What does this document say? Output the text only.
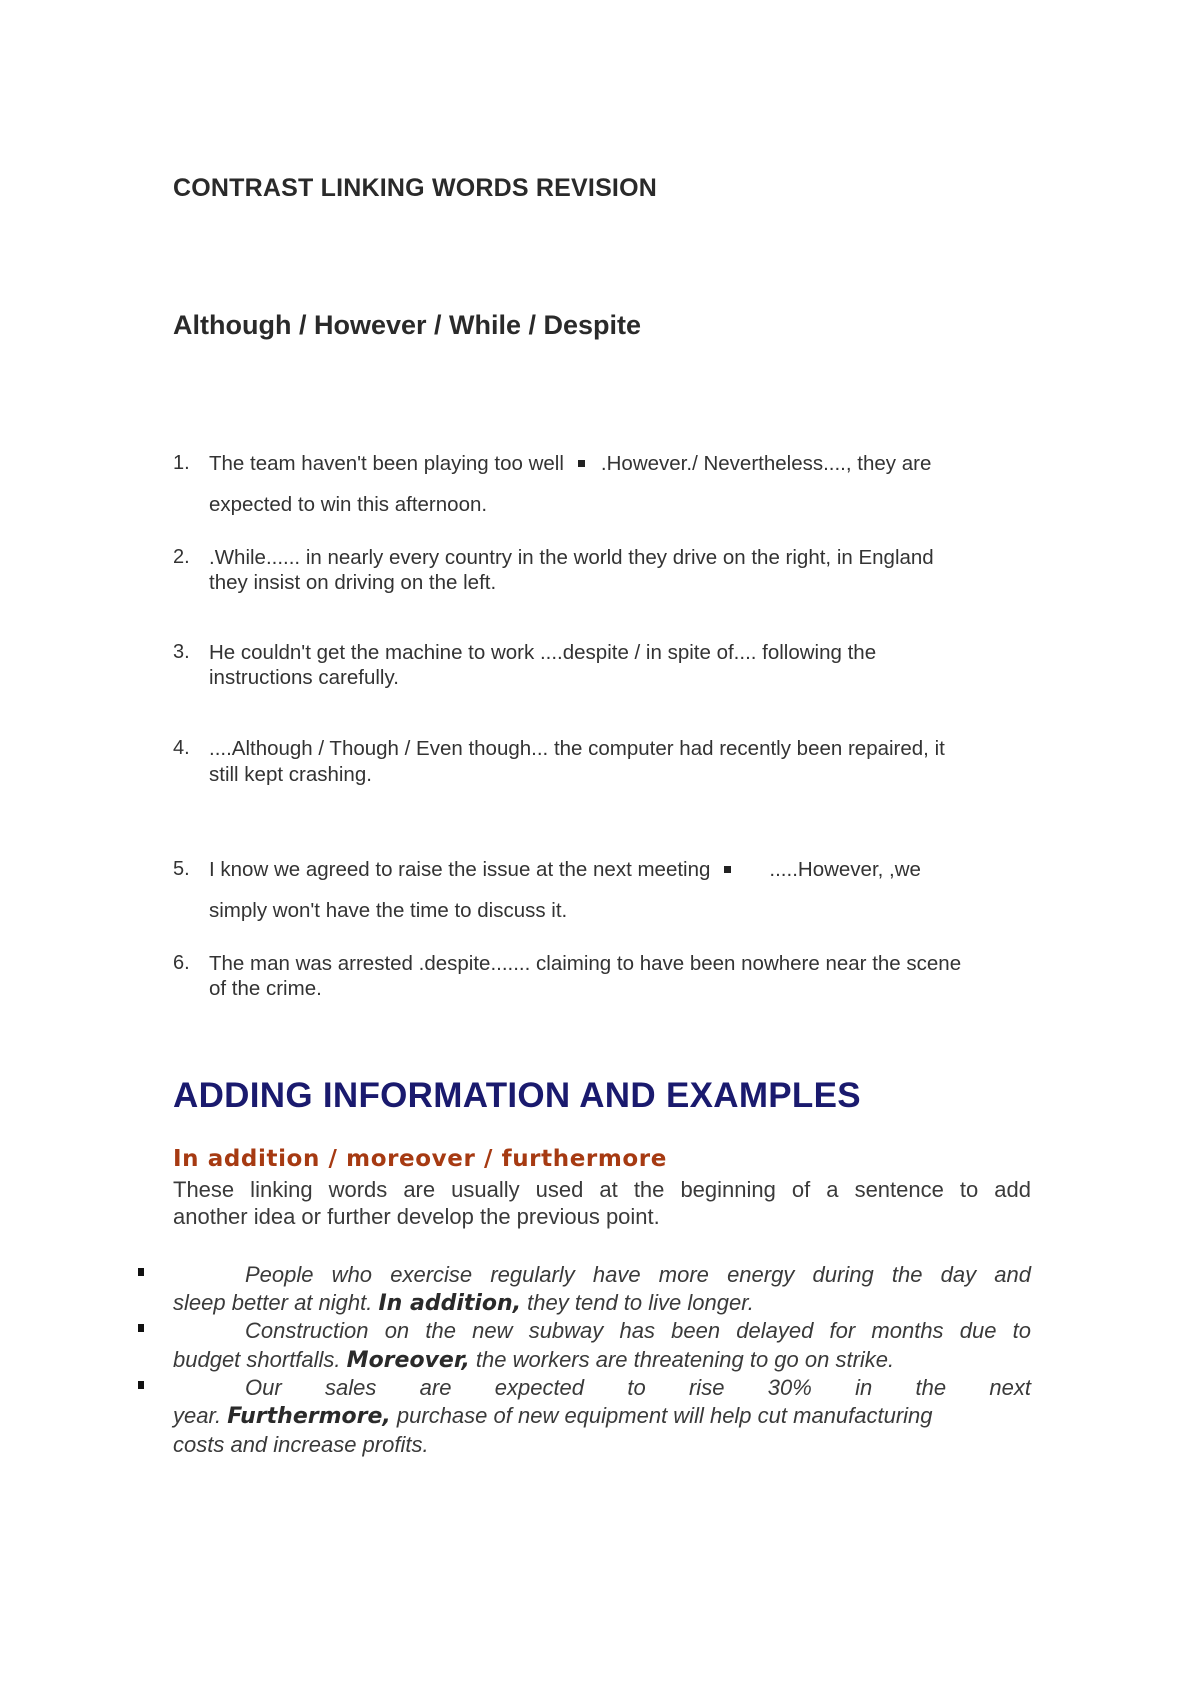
CONTRAST LINKING WORDS REVISION
Although / However / While / Despite
1. The team haven't been playing too well .However./ Nevertheless...., they are
expected to win this afternoon.
2. .While...... in nearly every country in the world they drive on the right, in England
they insist on driving on the left.
3. He couldn't get the machine to work ....despite / in spite of.... following the
instructions carefully.
4. ....Although / Though / Even though... the computer had recently been repaired, it
still kept crashing.
5. I know we agreed to raise the issue at the next meeting	.....However, ,we
simply won't have the time to discuss it.
6. The man was arrested .despite....... claiming to have been nowhere near the scene
of the crime.
ADDING INFORMATION AND EXAMPLES
In addition / moreover / furthermore
These linking words are usually used at the beginning of a sentence to add
another idea or further develop the previous point.
People who exercise regularly have more energy during the day and
sleep better at night. In addition, they tend to live longer.
Construction on the new subway has been delayed for months due to
budget shortfalls. Moreover, the workers are threatening to go on strike.
Our sales are expected to rise 30% in the next
year. Furthermore, purchase of new equipment will help cut manufacturing
costs and increase profits.
